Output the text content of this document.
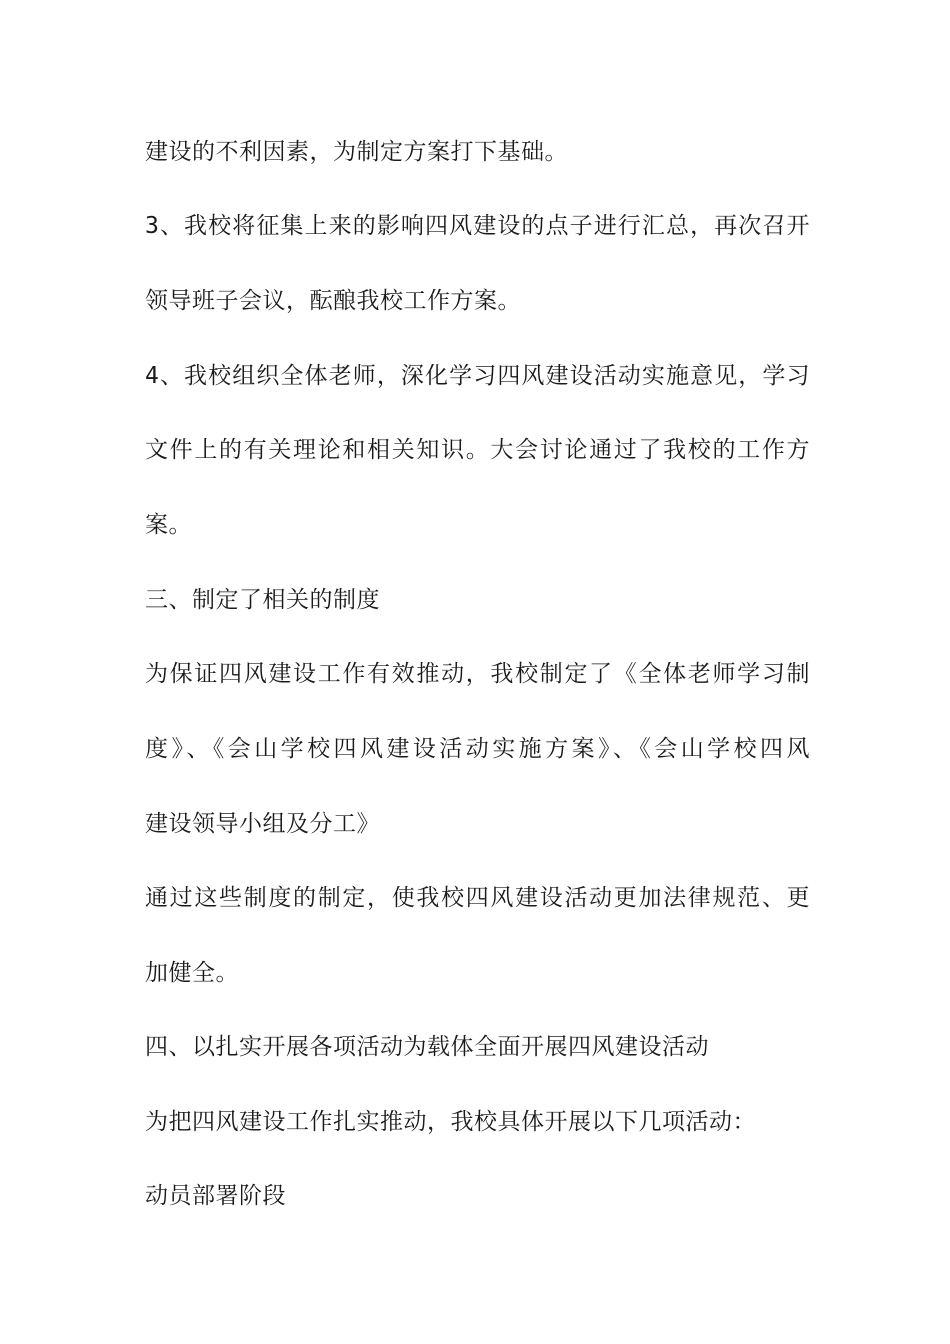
建设的不利因素，为制定方案打下基础。
3、我校将征集上来的影响四风建设的点子进行汇总，再次召开
领导班子会议，酝酿我校工作方案。
4、我校组织全体老师，深化学习四风建设活动实施意见，学习
文件上的有关理论和相关知识。大会讨论通过了我校的工作方
案。
三、制定了相关的制度
为保证四风建设工作有效推动，我校制定了《全体老师学习制
度》、《会山学校四风建设活动实施方案》、《会山学校四风
建设领导小组及分工》
通过这些制度的制定，使我校四风建设活动更加法律规范、更
加健全。
四、以扎实开展各项活动为载体全面开展四风建设活动
为把四风建设工作扎实推动，我校具体开展以下几项活动：
动员部署阶段
